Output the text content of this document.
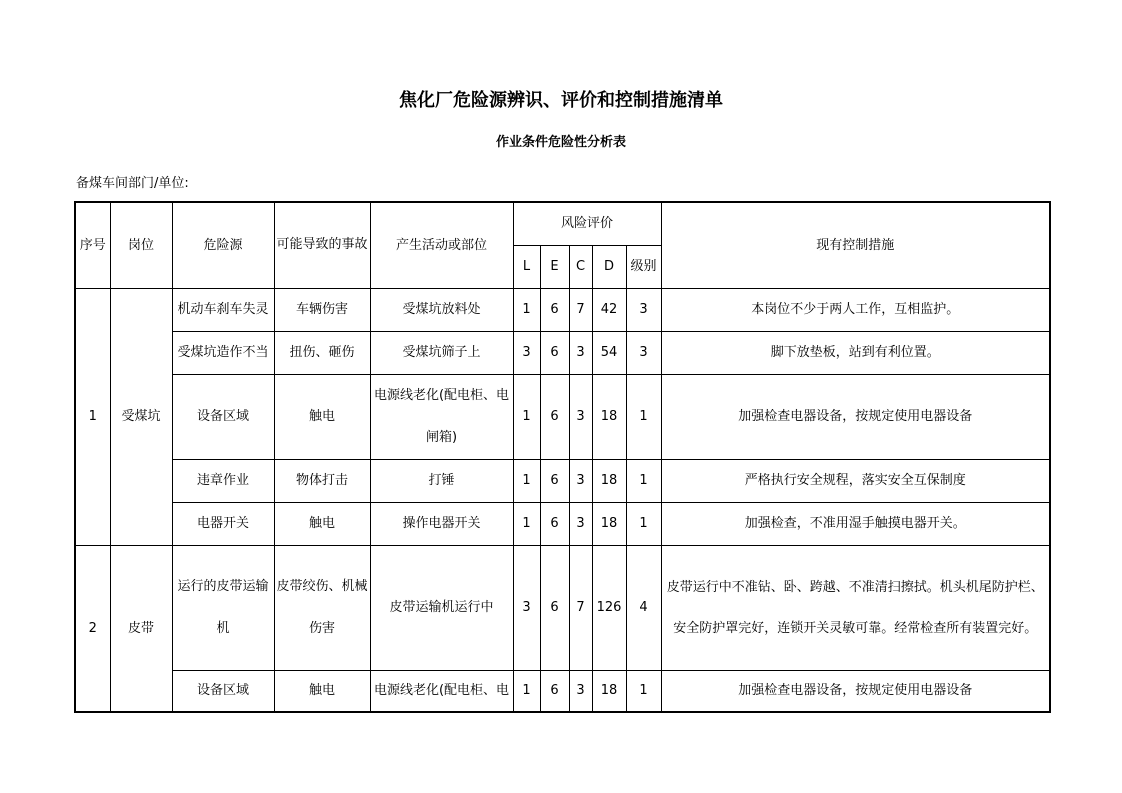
焦化厂危险源辨识、评价和控制措施清单
作业条件危险性分析表
备煤车间部门/单位:
序号	岗位	危险源	可能导致的事故	产生活动或部位	风险评价					现有控制措施
					L	E	C	D	级别	
1	受煤坑	机动车刹车失灵	车辆伤害	受煤坑放料处	1	6	7	42	3	本岗位不少于两人工作，互相监护。
		受煤坑造作不当	扭伤、砸伤	受煤坑筛子上	3	6	3	54	3	脚下放垫板，站到有利位置。
		设备区域	触电	电源线老化(配电柜、电闸箱)	1	6	3	18	1	加强检查电器设备，按规定使用电器设备
		违章作业	物体打击	打锤	1	6	3	18	1	严格执行安全规程，落实安全互保制度
		电器开关	触电	操作电器开关	1	6	3	18	1	加强检查，不准用湿手触摸电器开关。
2	皮带	运行的皮带运输机	皮带绞伤、机械伤害	皮带运输机运行中	3	6	7	126	4	皮带运行中不准钻、卧、跨越、不准清扫擦拭。机头机尾防护栏、安全防护罩完好，连锁开关灵敏可靠。经常检查所有装置完好。
		设备区域	触电	电源线老化(配电柜、电	1	6	3	18	1	加强检查电器设备，按规定使用电器设备
